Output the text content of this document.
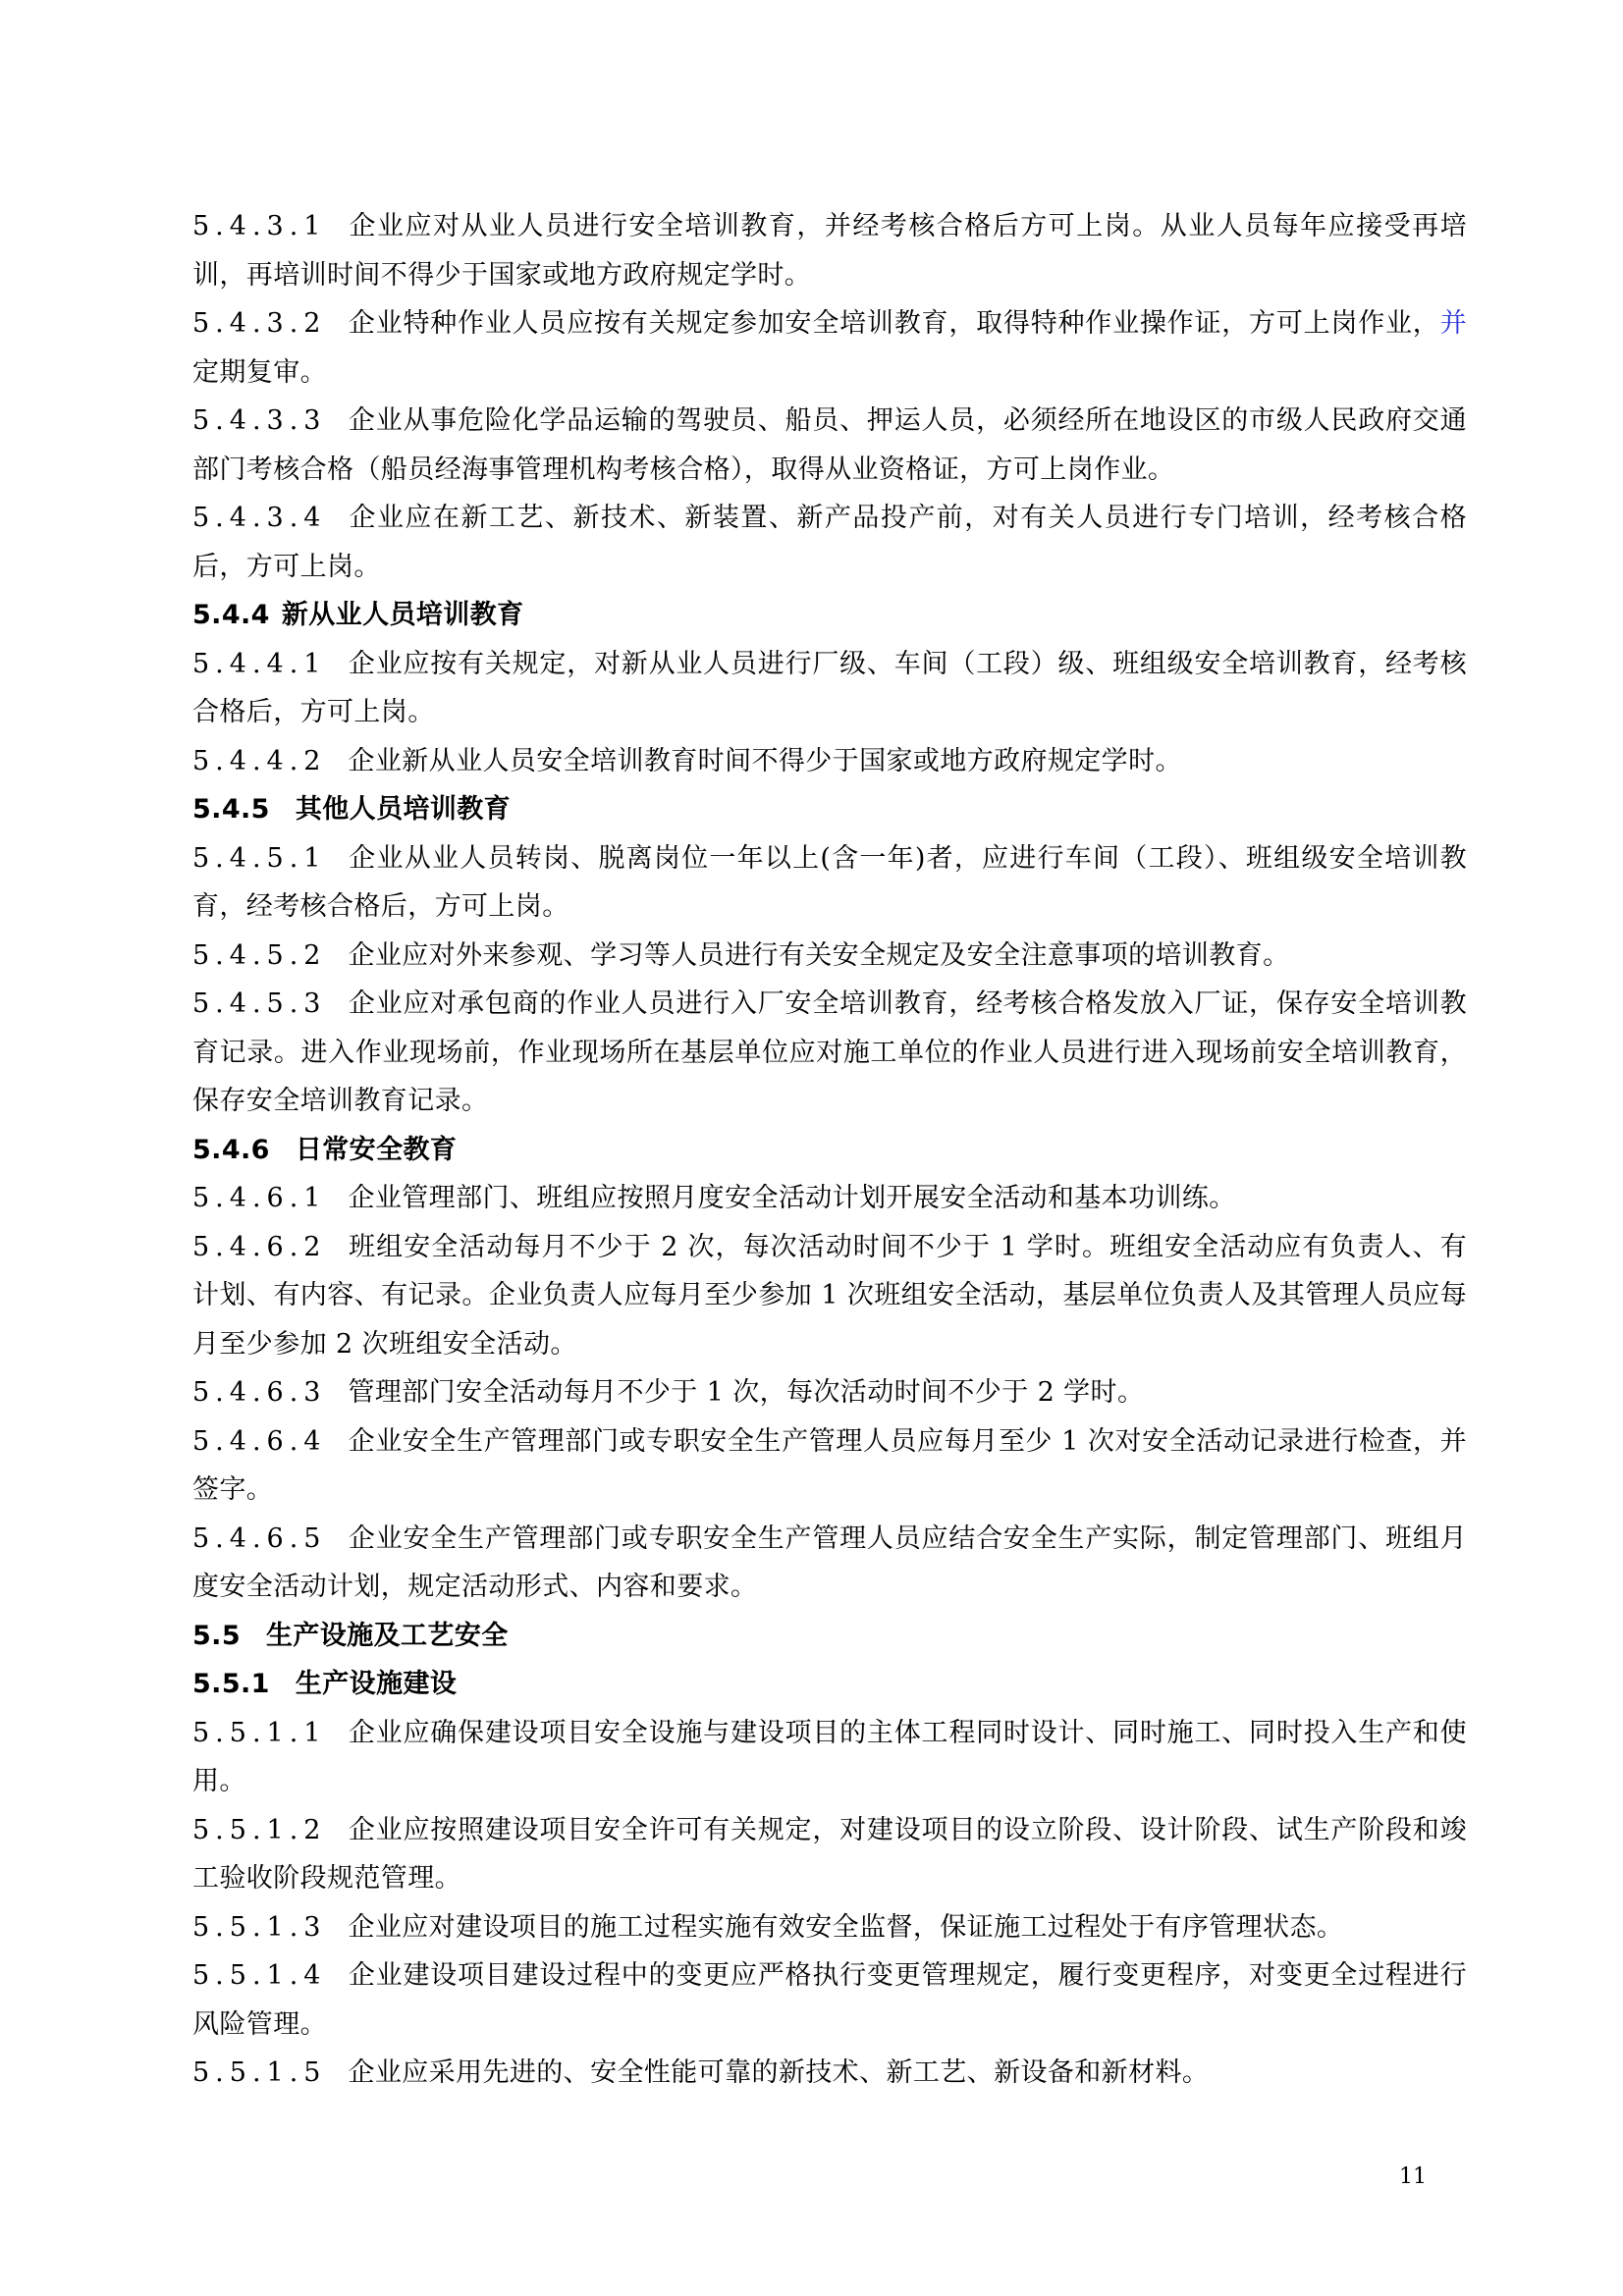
5.4.3.1 企业应对从业人员进行安全培训教育，并经考核合格后方可上岗。从业人员每年应接受再培训，再培训时间不得少于国家或地方政府规定学时。

5.4.3.2 企业特种作业人员应按有关规定参加安全培训教育，取得特种作业操作证，方可上岗作业，并定期复审。

5.4.3.3 企业从事危险化学品运输的驾驶员、船员、押运人员，必须经所在地设区的市级人民政府交通部门考核合格（船员经海事管理机构考核合格），取得从业资格证，方可上岗作业。

5.4.3.4 企业应在新工艺、新技术、新装置、新产品投产前，对有关人员进行专门培训，经考核合格后，方可上岗。

5.4.4 新从业人员培训教育

5.4.4.1 企业应按有关规定，对新从业人员进行厂级、车间（工段）级、班组级安全培训教育，经考核合格后，方可上岗。

5.4.4.2 企业新从业人员安全培训教育时间不得少于国家或地方政府规定学时。

5.4.5 其他人员培训教育

5.4.5.1 企业从业人员转岗、脱离岗位一年以上(含一年)者，应进行车间（工段）、班组级安全培训教育，经考核合格后，方可上岗。

5.4.5.2 企业应对外来参观、学习等人员进行有关安全规定及安全注意事项的培训教育。

5.4.5.3 企业应对承包商的作业人员进行入厂安全培训教育，经考核合格发放入厂证，保存安全培训教育记录。进入作业现场前，作业现场所在基层单位应对施工单位的作业人员进行进入现场前安全培训教育，保存安全培训教育记录。

5.4.6 日常安全教育

5.4.6.1 企业管理部门、班组应按照月度安全活动计划开展安全活动和基本功训练。

5.4.6.2 班组安全活动每月不少于 2 次，每次活动时间不少于 1 学时。班组安全活动应有负责人、有计划、有内容、有记录。企业负责人应每月至少参加 1 次班组安全活动，基层单位负责人及其管理人员应每月至少参加 2 次班组安全活动。

5.4.6.3 管理部门安全活动每月不少于 1 次，每次活动时间不少于 2 学时。

5.4.6.4 企业安全生产管理部门或专职安全生产管理人员应每月至少 1 次对安全活动记录进行检查，并签字。

5.4.6.5 企业安全生产管理部门或专职安全生产管理人员应结合安全生产实际，制定管理部门、班组月度安全活动计划，规定活动形式、内容和要求。

5.5 生产设施及工艺安全

5.5.1 生产设施建设

5.5.1.1 企业应确保建设项目安全设施与建设项目的主体工程同时设计、同时施工、同时投入生产和使用。

5.5.1.2 企业应按照建设项目安全许可有关规定，对建设项目的设立阶段、设计阶段、试生产阶段和竣工验收阶段规范管理。

5.5.1.3 企业应对建设项目的施工过程实施有效安全监督，保证施工过程处于有序管理状态。

5.5.1.4 企业建设项目建设过程中的变更应严格执行变更管理规定，履行变更程序，对变更全过程进行风险管理。

5.5.1.5 企业应采用先进的、安全性能可靠的新技术、新工艺、新设备和新材料。

11
